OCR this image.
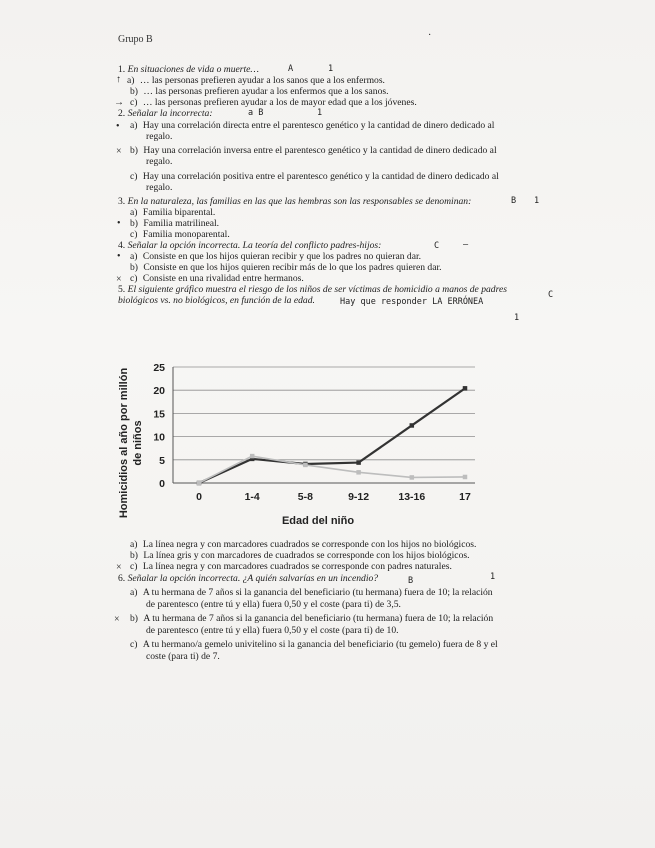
Grupo B	·
1. En situaciones de vida o muerte…	A	1
↑ a) … las personas prefieren ayudar a los sanos que a los enfermos.
b) … las personas prefieren ayudar a los enfermos que a los sanos.
→ c) … las personas prefieren ayudar a los de mayor edad que a los jóvenes.
2. Señalar la incorrecta:	a B	1
• a) Hay una correlación directa entre el parentesco genético y la cantidad de dinero dedicado al
regalo.
× b) Hay una correlación inversa entre el parentesco genético y la cantidad de dinero dedicado al
regalo.
c) Hay una correlación positiva entre el parentesco genético y la cantidad de dinero dedicado al
regalo.
3. En la naturaleza, las familias en las que las hembras son las responsables se denominan:	B 1
a) Familia biparental.
• b) Familia matrilineal.
c) Familia monoparental.
4. Señalar la opción incorrecta. La teoría del conflicto padres-hijos:	C	–
• a) Consiste en que los hijos quieran recibir y que los padres no quieran dar.
b) Consiste en que los hijos quieren recibir más de lo que los padres quieren dar.
× c) Consiste en una rivalidad entre hermanos.
5. El siguiente gráfico muestra el riesgo de los niños de ser víctimas de homicidio a manos de padres	C
biológicos vs. no biológicos, en función de la edad.	Hay que responder LA ERRÓNEA
1
Homicidios al año por millón de niños
0
5
10
15
20
25
0	1-4	5-8	9-12	13-16	17
Edad del niño
a) La línea negra y con marcadores cuadrados se corresponde con los hijos no biológicos.
b) La línea gris y con marcadores de cuadrados se corresponde con los hijos biológicos.
× c) La línea negra y con marcadores cuadrados se corresponde con padres naturales.
6. Señalar la opción incorrecta. ¿A quién salvarías en un incendio?	B	1
a) A tu hermana de 7 años si la ganancia del beneficiario (tu hermana) fuera de 10; la relación
de parentesco (entre tú y ella) fuera 0,50 y el coste (para ti) de 3,5.
× b) A tu hermana de 7 años si la ganancia del beneficiario (tu hermana) fuera de 10; la relación
de parentesco (entre tú y ella) fuera 0,50 y el coste (para ti) de 10.
c) A tu hermano/a gemelo univitelino si la ganancia del beneficiario (tu gemelo) fuera de 8 y el
coste (para ti) de 7.
